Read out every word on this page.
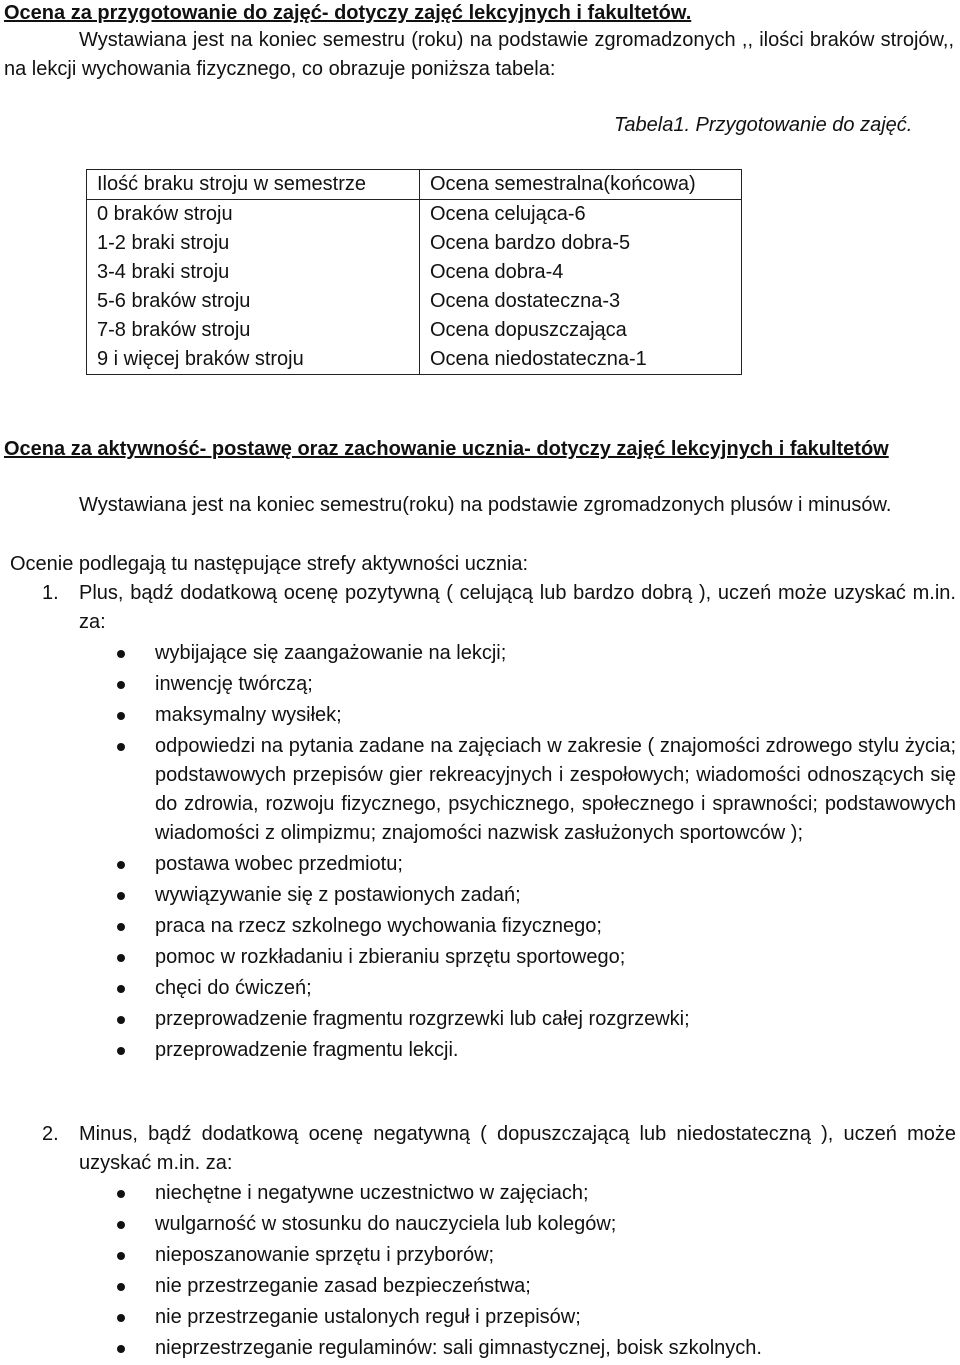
Ocena za przygotowanie do zajęć- dotyczy zajęć lekcyjnych i fakultetów.
Wystawiana jest na koniec semestru (roku) na podstawie zgromadzonych ,, ilości braków strojów,, na lekcji wychowania fizycznego, co obrazuje poniższa tabela:
Tabela1. Przygotowanie do zajęć.
Ilość braku stroju w semestrze	Ocena semestralna(końcowa)
0 braków stroju	Ocena celująca-6
1-2 braki stroju	Ocena bardzo dobra-5
3-4 braki stroju	Ocena dobra-4
5-6 braków stroju	Ocena dostateczna-3
7-8 braków stroju	Ocena dopuszczająca
9 i więcej braków stroju	Ocena niedostateczna-1
Ocena za aktywność- postawę oraz zachowanie ucznia- dotyczy zajęć lekcyjnych i fakultetów
Wystawiana jest na koniec semestru(roku) na podstawie zgromadzonych plusów i minusów.
Ocenie podlegają tu następujące strefy aktywności ucznia:
1. Plus, bądź dodatkową ocenę pozytywną ( celującą lub bardzo dobrą ), uczeń może uzyskać m.in. za:
wybijające się zaangażowanie na lekcji;
inwencję twórczą;
maksymalny wysiłek;
odpowiedzi na pytania zadane na zajęciach w zakresie ( znajomości zdrowego stylu życia; podstawowych przepisów gier rekreacyjnych i zespołowych; wiadomości odnoszących się do zdrowia, rozwoju fizycznego, psychicznego, społecznego i sprawności; podstawowych wiadomości z olimpizmu; znajomości nazwisk zasłużonych sportowców );
postawa wobec przedmiotu;
wywiązywanie się z postawionych zadań;
praca na rzecz szkolnego wychowania fizycznego;
pomoc w rozkładaniu i zbieraniu sprzętu sportowego;
chęci do ćwiczeń;
przeprowadzenie fragmentu rozgrzewki lub całej rozgrzewki;
przeprowadzenie fragmentu lekcji.
2. Minus, bądź dodatkową ocenę negatywną ( dopuszczającą lub niedostateczną ), uczeń może uzyskać m.in. za:
niechętne i negatywne uczestnictwo w zajęciach;
wulgarność w stosunku do nauczyciela lub kolegów;
nieposzanowanie sprzętu i przyborów;
nie przestrzeganie zasad bezpieczeństwa;
nie przestrzeganie ustalonych reguł i przepisów;
nieprzestrzeganie regulaminów: sali gimnastycznej, boisk szkolnych.
